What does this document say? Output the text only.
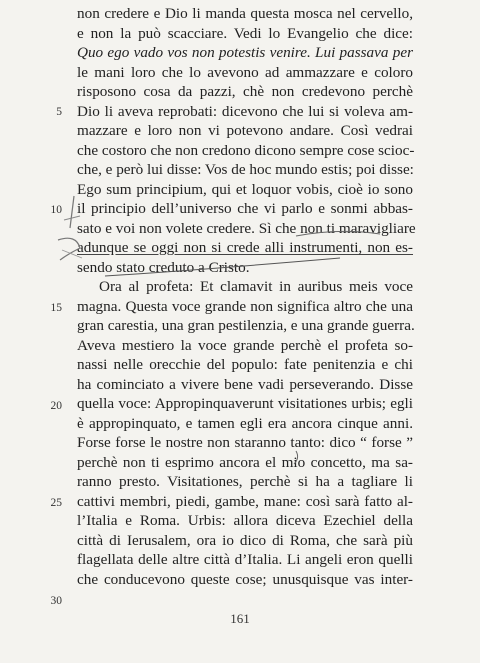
non credere e Dio li manda questa mosca nel cervello,
e non la può scacciare. Vedi lo Evangelio che dice:
Quo ego vado vos non potestis venire. Lui passava per
le mani loro che lo avevono ad ammazzare e coloro
risposono cosa da pazzi, chè non credevono perchè
Dio li aveva reprobati: dicevono che lui si voleva am-
mazzare e loro non vi potevono andare. Così vedrai
che costoro che non credono dicono sempre cose scioc-
che, e però lui disse: Vos de hoc mundo estis; poi disse:
Ego sum principium, qui et loquor vobis, cioè io sono
il principio dell’universo che vi parlo e sonmi abbas-
sato e voi non volete credere. Sì che non ti maravigliare
adunque se oggi non si crede alli instrumenti, non es-
sendo stato creduto a Cristo.
Ora al profeta: Et clamavit in auribus meis voce
magna. Questa voce grande non significa altro che una
gran carestia, una gran pestilenzia, e una grande guerra.
Aveva mestiero la voce grande perchè el profeta so-
nassi nelle orecchie del populo: fate penitenzia e chi
ha cominciato a vivere bene vadi perseverando. Disse
quella voce: Appropinquaverunt visitationes urbis; egli
è appropinquato, e tamen egli era ancora cinque anni.
Forse forse le nostre non staranno tanto: dico “ forse ”
perchè non ti esprimo ancora el mio concetto, ma sa-
ranno presto. Visitationes, perchè si ha a tagliare li
cattivi membri, piedi, gambe, mane: così sarà fatto al-
l’Italia e Roma. Urbis: allora diceva Ezechiel della
città di Ierusalem, ora io dico di Roma, che sarà più
flagellata delle altre città d’Italia. Li angeli eron quelli
che conducevono queste cose; unusquisque vas inter-
5
10
15
20
25
30
161
